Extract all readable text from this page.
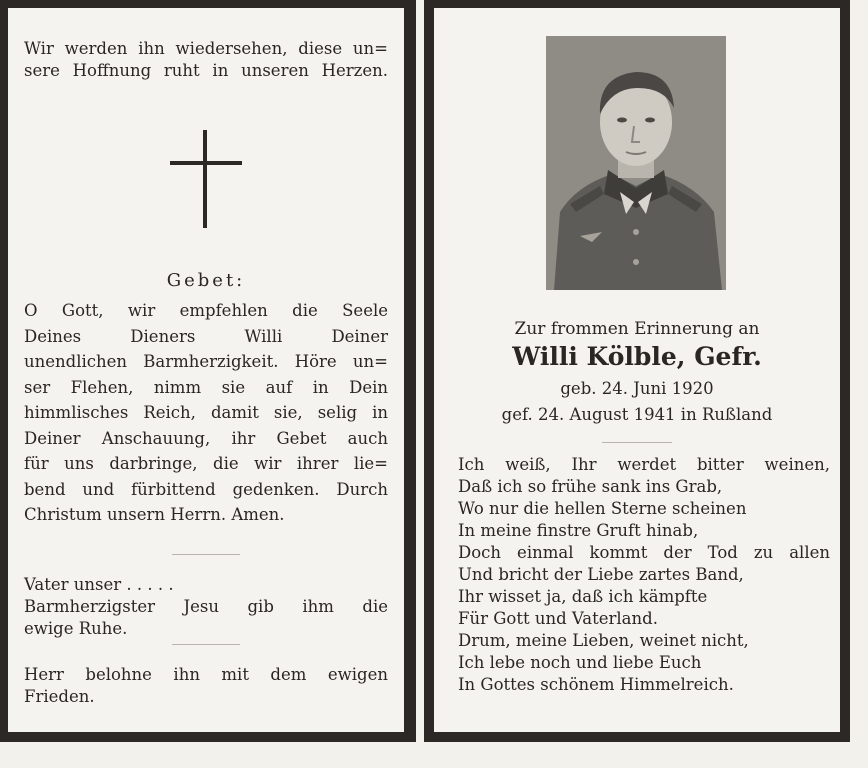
Wir werden ihn wiedersehen, diese un=
sere Hoffnung ruht in unseren Herzen.
Gebet:
O Gott, wir empfehlen die Seele
Deines Dieners Willi Deiner
unendlichen Barmherzigkeit. Höre un=
ser Flehen, nimm sie auf in Dein
himmlisches Reich, damit sie, selig in
Deiner Anschauung, ihr Gebet auch
für uns darbringe, die wir ihrer lie=
bend und fürbittend gedenken. Durch
Christum unsern Herrn. Amen.
Vater unser . . . . .
Barmherzigster Jesu gib ihm die
ewige Ruhe.
Herr belohne ihn mit dem ewigen
Frieden.
Zur frommen Erinnerung an
Willi Kölble, Gefr.
geb. 24. Juni 1920
gef. 24. August 1941 in Rußland
Ich weiß, Ihr werdet bitter weinen,
Daß ich so frühe sank ins Grab,
Wo nur die hellen Sterne scheinen
In meine finstre Gruft hinab,
Doch einmal kommt der Tod zu allen
Und bricht der Liebe zartes Band,
Ihr wisset ja, daß ich kämpfte
Für Gott und Vaterland.
Drum, meine Lieben, weinet nicht,
Ich lebe noch und liebe Euch
In Gottes schönem Himmelreich.
